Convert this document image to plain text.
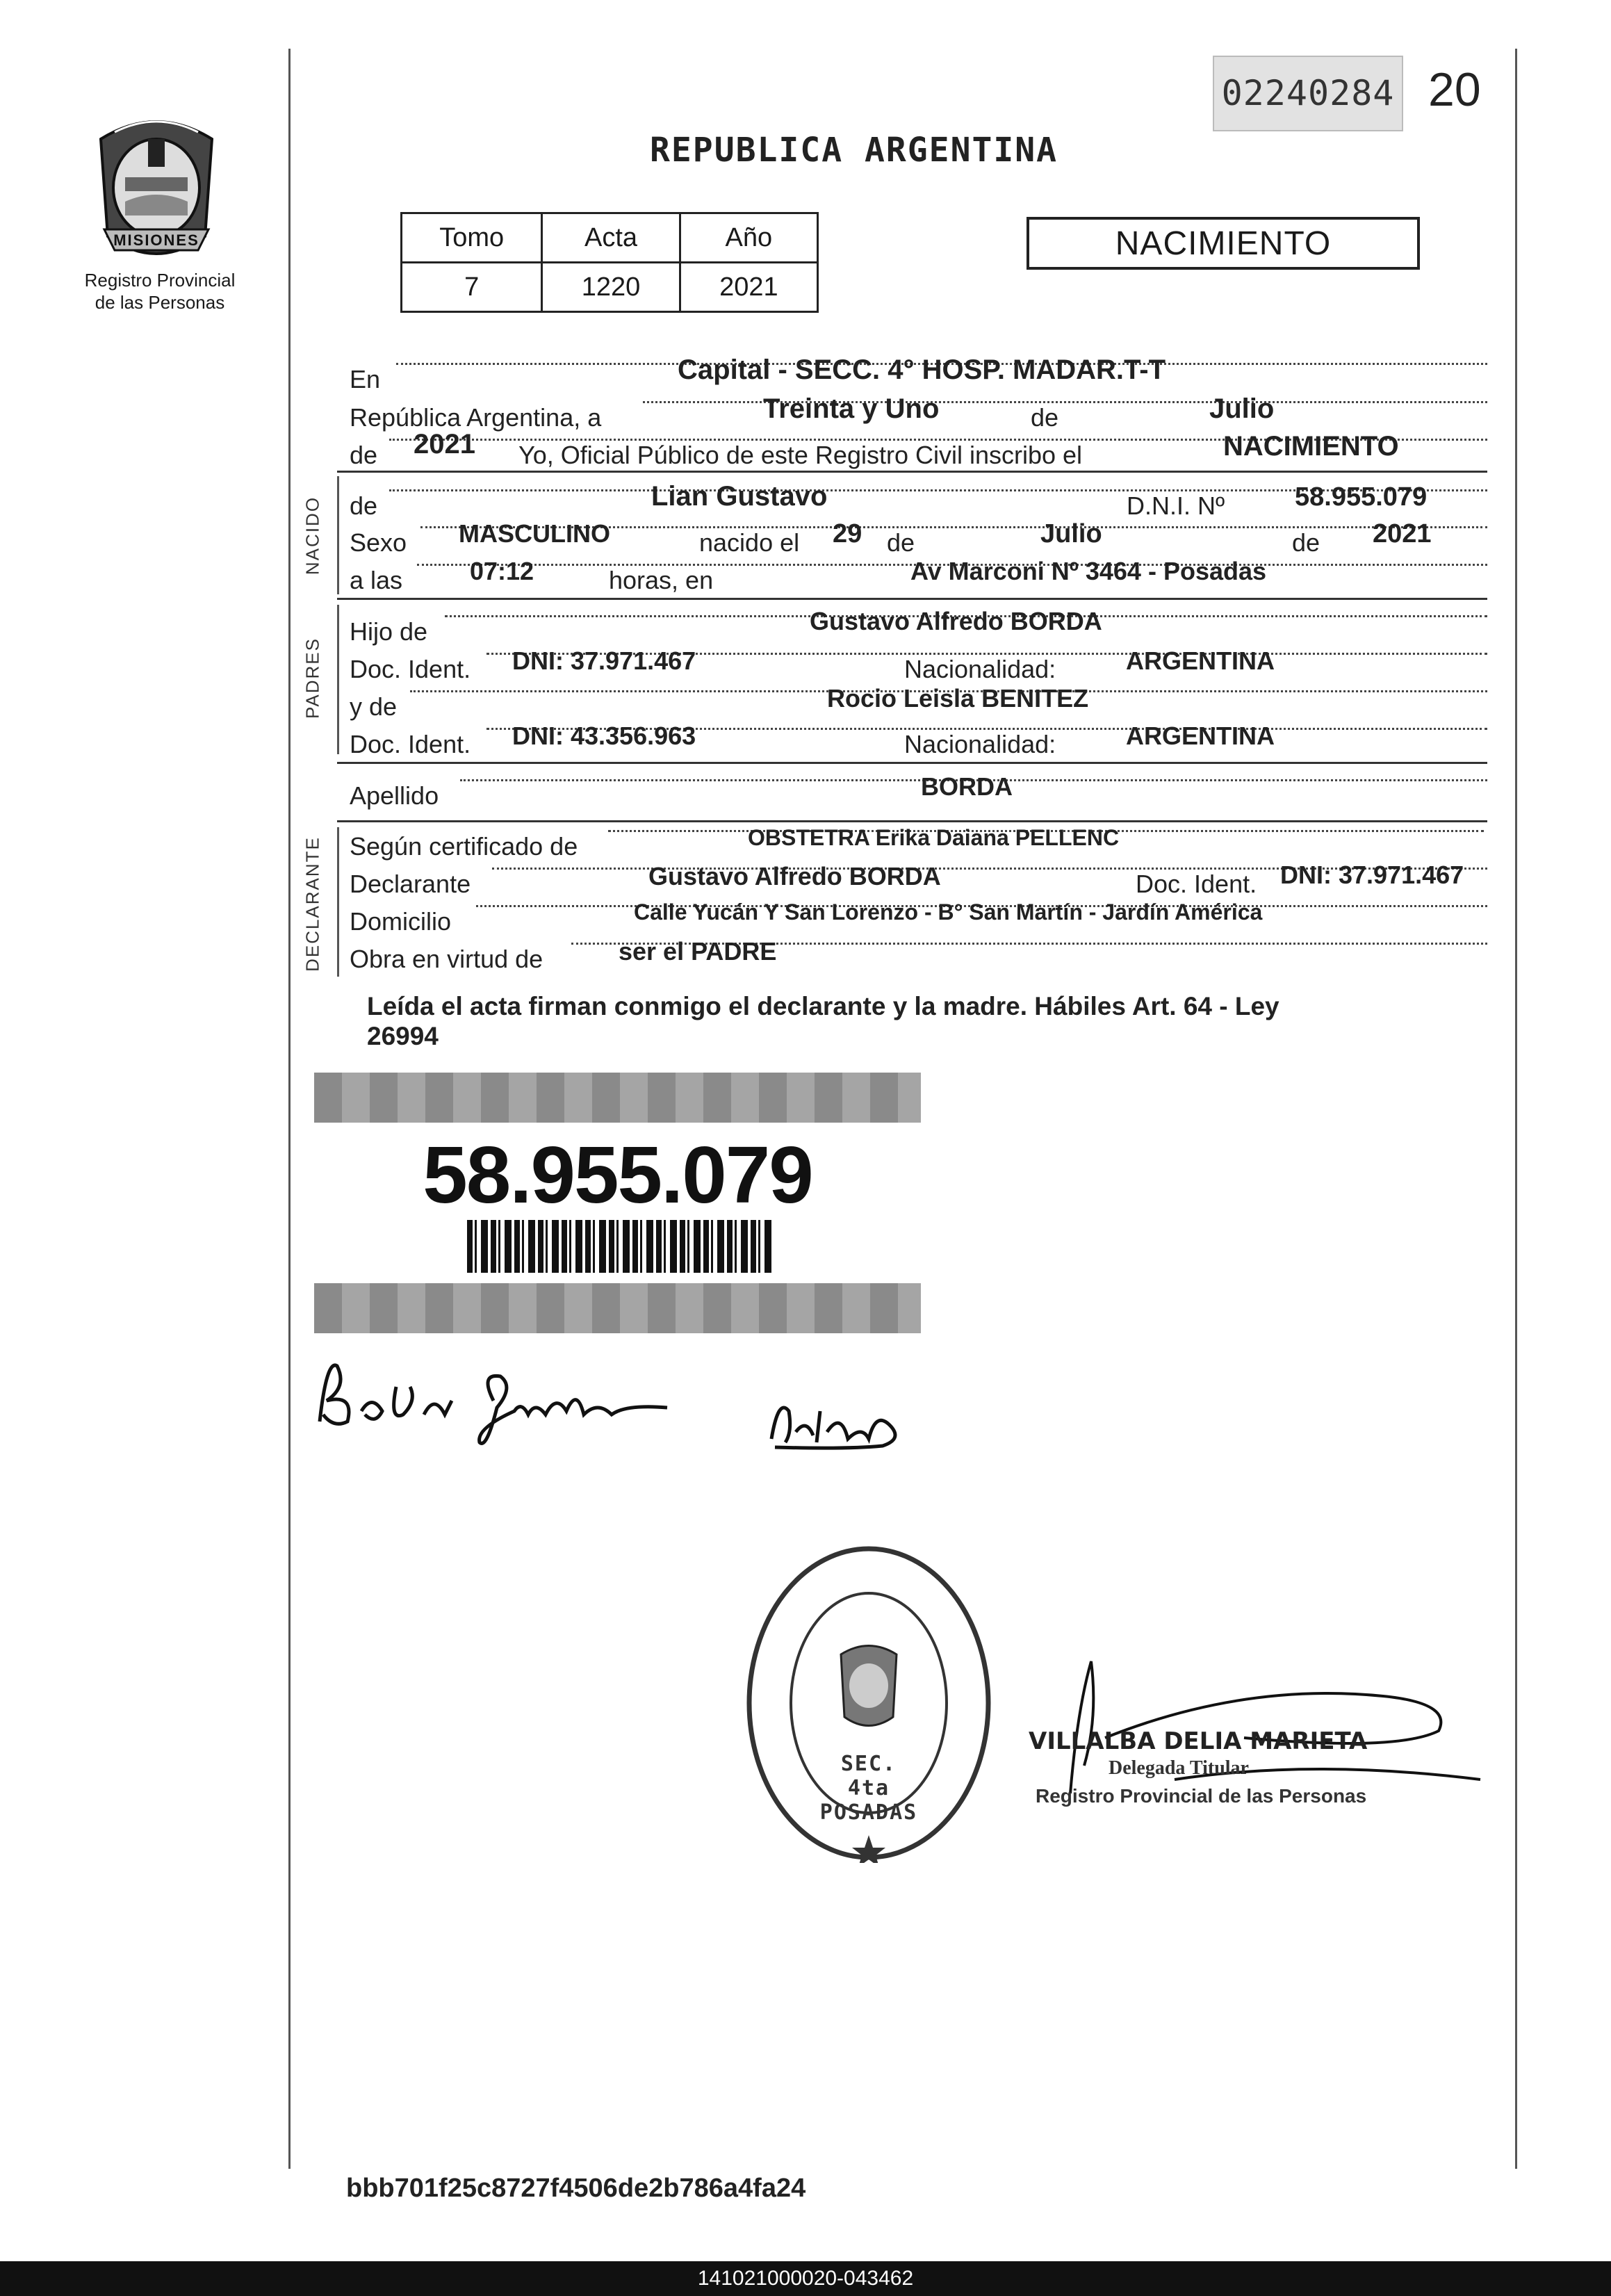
MISIONES
Registro Provincial
de las Personas
02240284 20
REPUBLICA ARGENTINA
Tomo	Acta	Año
7	1220	2021
NACIMIENTO
En	Capital - SECC. 4° HOSP. MADAR.T-T
República Argentina, a	Treinta y Uno	de	Julio
de 2021 Yo, Oficial Público de este Registro Civil inscribo el	NACIMIENTO
NACIDO de	Lian Gustavo	D.N.I. Nº	58.955.079
Sexo MASCULINO	nacido el 29 de	Julio	de 2021
a las	07:12	horas, en	Av Marconi Nº 3464 - Posadas
PADRES
Hijo de	Gustavo Alfredo BORDA
Doc. Ident. DNI: 37.971.467	Nacionalidad:	ARGENTINA
y de	Rocio Leisla BENITEZ
Doc. Ident. DNI: 43.356.963	Nacionalidad:	ARGENTINA
Apellido	BORDA
DECLARANTE Según certificado de	OBSTETRA Erika Daiana PELLENC
Declarante	Gustavo Alfredo BORDA	Doc. Ident. DNI: 37.971.467
Domicilio	Calle Yucán Y San Lorenzo - B° San Martín - Jardín América
Obra en virtud de	ser el PADRE
Leída el acta firman conmigo el declarante y la madre. Hábiles Art. 64 - Ley
26994
58.955.079
SEC. 4ta POSADAS
VILLALBA DELIA MARIETA
Delegada Titular
Registro Provincial de las Personas
bbb701f25c8727f4506de2b786a4fa24
141021000020-043462
